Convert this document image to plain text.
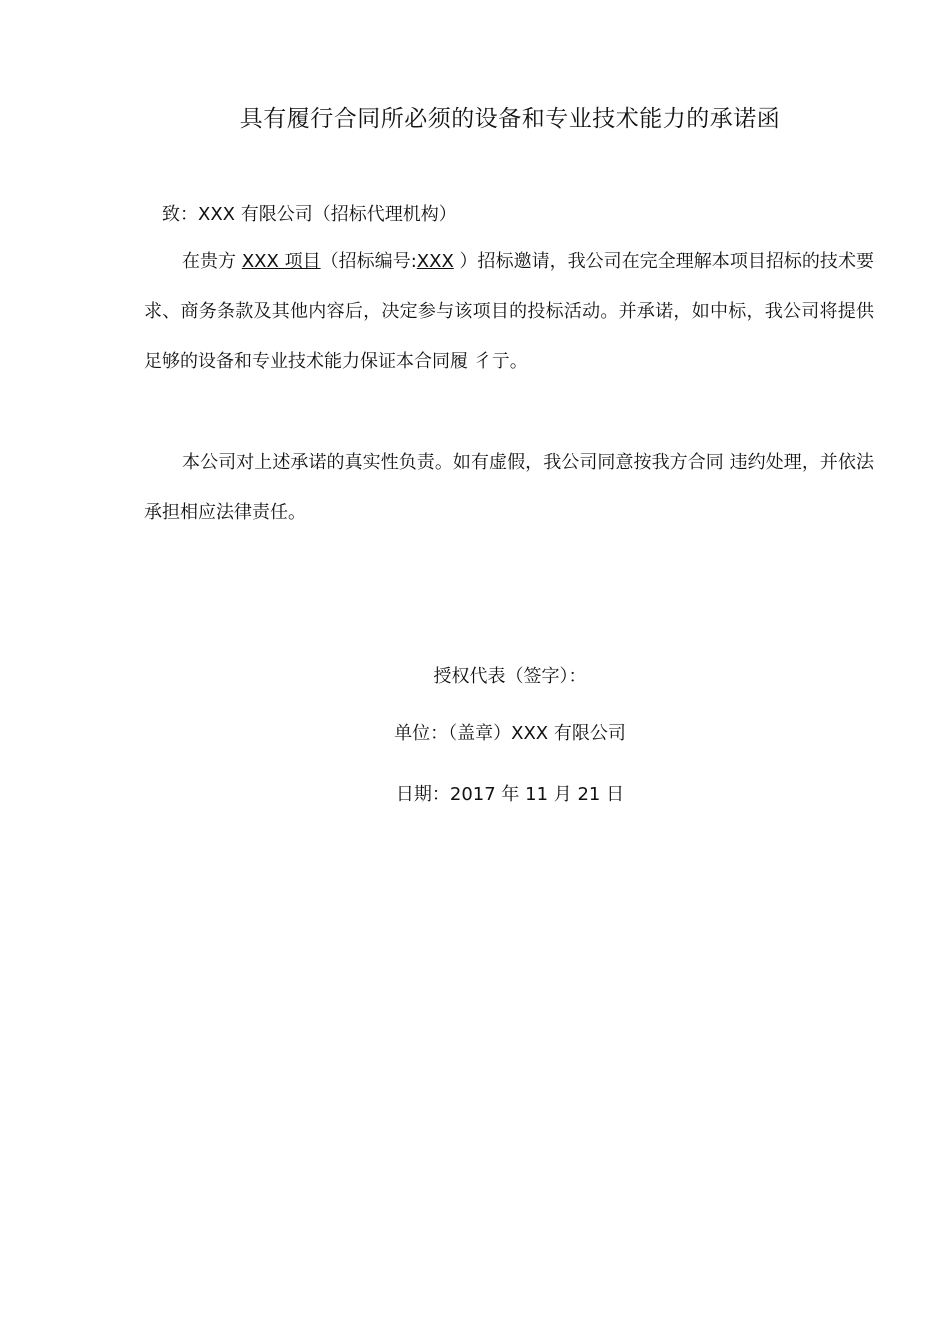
具有履行合同所必须的设备和专业技术能力的承诺函

致：XXX 有限公司（招标代理机构）

在贵方 XXX 项目（招标编号:XXX ）招标邀请，我公司在完全理解本项目招标的技术要求、商务条款及其他内容后，决定参与该项目的投标活动。并承诺，如中标，我公司将提供足够的设备和专业技术能力保证本合同履 彳亍。

本公司对上述承诺的真实性负责。如有虚假，我公司同意按我方合同 违约处理，并依法承担相应法律责任。

授权代表（签字）：

单位：（盖章）XXX 有限公司

日期：2017 年 11 月 21 日
